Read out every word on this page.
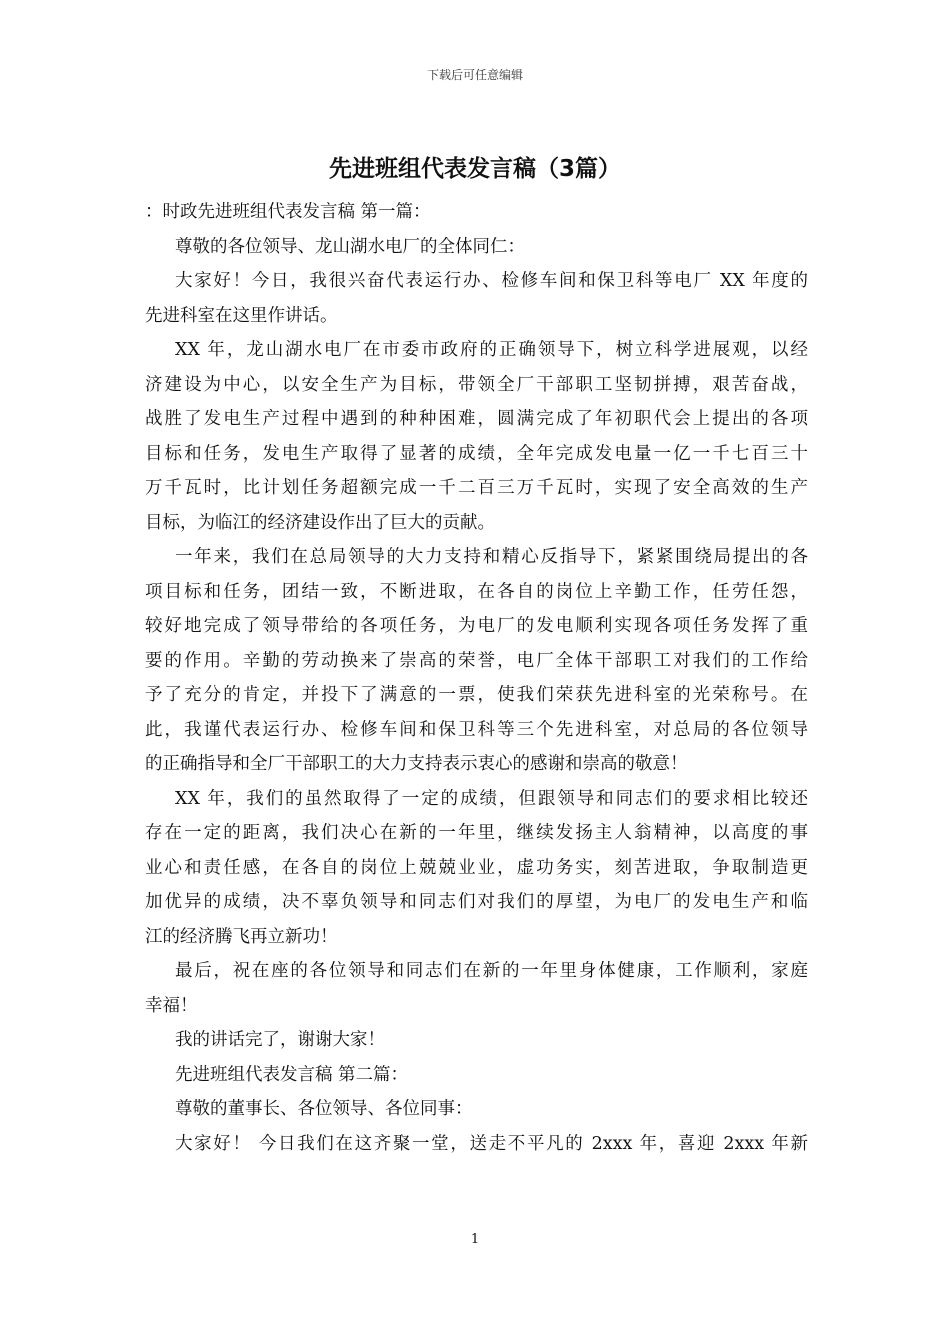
下载后可任意编辑
先进班组代表发言稿（3篇）
：时政先进班组代表发言稿 第一篇：
尊敬的各位领导、龙山湖水电厂的全体同仁：
大家好！今日，我很兴奋代表运行办、检修车间和保卫科等电厂 XX 年度的
先进科室在这里作讲话。
XX 年，龙山湖水电厂在市委市政府的正确领导下，树立科学进展观，以经
济建设为中心，以安全生产为目标，带领全厂干部职工坚韧拼搏，艰苦奋战，
战胜了发电生产过程中遇到的种种困难，圆满完成了年初职代会上提出的各项
目标和任务，发电生产取得了显著的成绩，全年完成发电量一亿一千七百三十
万千瓦时，比计划任务超额完成一千二百三万千瓦时，实现了安全高效的生产
目标，为临江的经济建设作出了巨大的贡献。
一年来，我们在总局领导的大力支持和精心反指导下，紧紧围绕局提出的各
项目标和任务，团结一致，不断进取，在各自的岗位上辛勤工作，任劳任怨，
较好地完成了领导带给的各项任务，为电厂的发电顺利实现各项任务发挥了重
要的作用。辛勤的劳动换来了崇高的荣誉，电厂全体干部职工对我们的工作给
予了充分的肯定，并投下了满意的一票，使我们荣获先进科室的光荣称号。在
此，我谨代表运行办、检修车间和保卫科等三个先进科室，对总局的各位领导
的正确指导和全厂干部职工的大力支持表示衷心的感谢和崇高的敬意！
XX 年，我们的虽然取得了一定的成绩，但跟领导和同志们的要求相比较还
存在一定的距离，我们决心在新的一年里，继续发扬主人翁精神，以高度的事
业心和责任感，在各自的岗位上兢兢业业，虚功务实，刻苦进取，争取制造更
加优异的成绩，决不辜负领导和同志们对我们的厚望，为电厂的发电生产和临
江的经济腾飞再立新功！
最后，祝在座的各位领导和同志们在新的一年里身体健康，工作顺利，家庭
幸福！
我的讲话完了，谢谢大家！
先进班组代表发言稿 第二篇：
尊敬的董事长、各位领导、各位同事：
大家好！ 今日我们在这齐聚一堂，送走不平凡的 2xxx 年，喜迎 2xxx 年新
1
